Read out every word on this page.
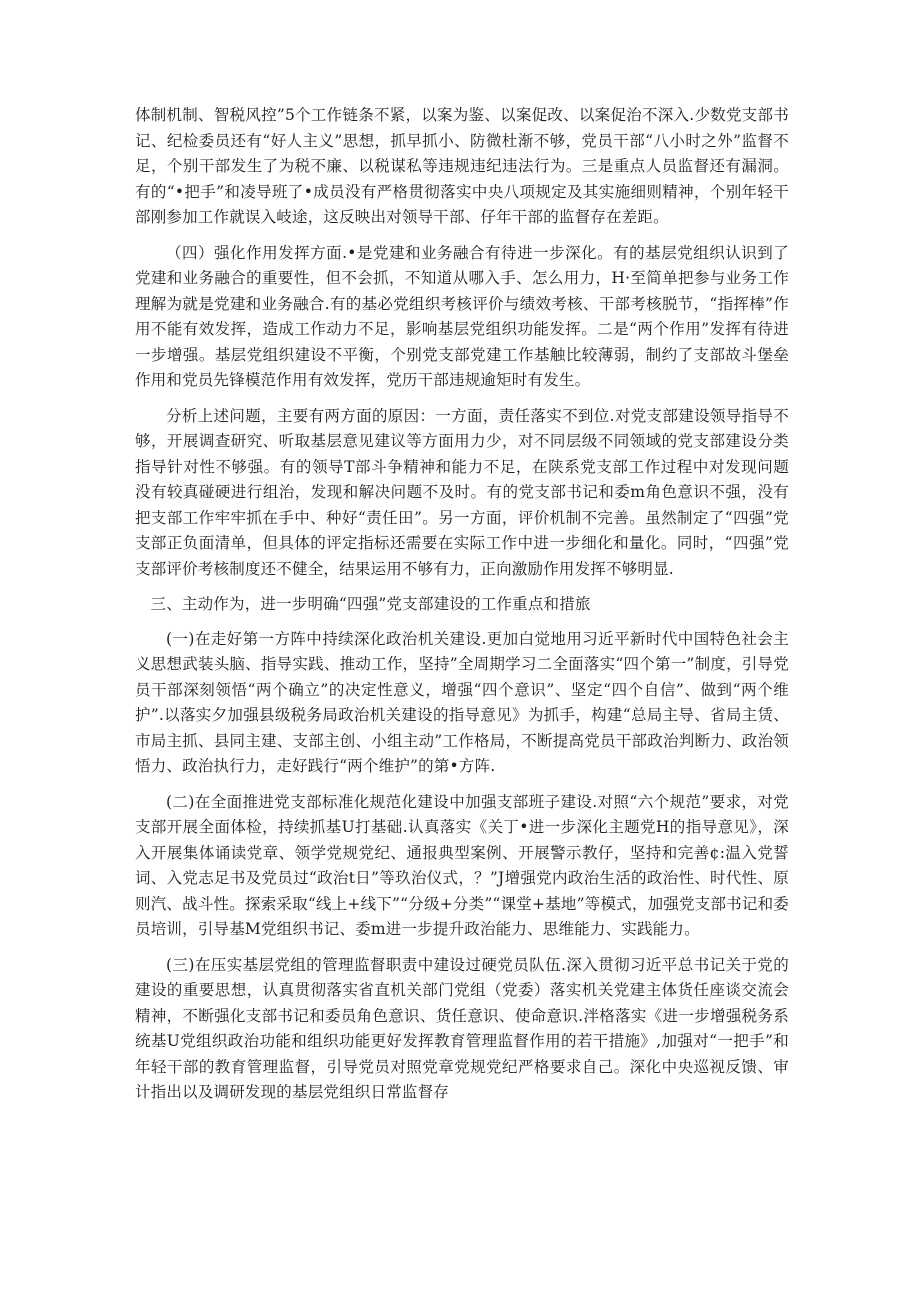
体制机制、智税风控”5个工作链条不紧，以案为鉴、以案促改、以案促治不深入.少数党支部书记、纪检委员还有“好人主义”思想，抓早抓小、防微杜渐不够，党员干部“八小时之外”监督不足，个别干部发生了为税不廉、以税谋私等违规违纪违法行为。三是重点人员监督还有漏洞。有的“•把手”和凌导班了•成员没有严格贯彻落实中央八项规定及其实施细则精神，个别年轻干部刚参加工作就误入岐途，这反映出对领导干部、仔年干部的监督存在差距。

（四）强化作用发挥方面.•是党建和业务融合有待进一步深化。有的基层党组织认识到了党建和业务融合的重要性，但不会抓，不知道从哪入手、怎么用力，H·至简单把参与业务工作理解为就是党建和业务融合.有的基必党组织考核评价与绩效考核、干部考核脱节，“指挥棒”作用不能有效发挥，造成工作动力不足，影响基层党组织功能发挥。二是“两个作用”发挥有待进一步增强。基层党组织建设不平衡，个别党支部党建工作基触比较薄弱，制约了支部故斗堡垒作用和党员先锋模范作用有效发挥，党历干部违规逾矩时有发生。

分析上述问题，主要有两方面的原因：一方面，责任落实不到位.对党支部建设领导指导不够，开展调查研究、听取基层意见建议等方面用力少，对不同层级不同领域的党支部建设分类指导针对性不够强。有的领导T部斗争精神和能力不足，在陕系党支部工作过程中对发现问题没有较真碰硬进行组治，发现和解决问题不及时。有的党支部书记和委m角色意识不强，没有把支部工作牢牢抓在手中、种好“责任田”。另一方面，评价机制不完善。虽然制定了“四强”党支部正负面清单，但具体的评定指标还需要在实际工作中进一步细化和量化。同时，“四强”党支部评价考核制度还不健全，结果运用不够有力，正向激励作用发挥不够明显.

三、主动作为，进一步明确“四强”党支部建设的工作重点和措旅

(一)在走好第一方阵中持续深化政治机关建设.更加白觉地用习近平新时代中国特色社会主义思想武装头脑、指导实践、推动工作，坚持”全周期学习二全面落实“四个第一”制度，引导党员干部深刻领悟“两个确立”的决定性意义，增强“四个意识”、坚定“四个自信”、做到“两个维护”.以落实夕加强县级税务局政治机关建设的指导意见》为抓手，构建“总局主导、省局主赁、市局主抓、县同主建、支部主创、小组主动”工作格局，不断提高党员干部政治判断力、政治领悟力、政治执行力，走好践行“两个维护”的第•方阵.

(二)在全面推进党支部标准化规范化建设中加强支部班子建设.对照“六个规范”要求，对党支部开展全面体检，持续抓基U打基础.认真落实《关丁•进一步深化主题党H的指导意见》，深入开展集体诵读党章、领学党规党纪、通报典型案例、开展警示教仔，坚持和完善¢:温入党誓词、入党志足书及党员过“政治t日”等玖治仪式，？”J增强党内政治生活的政治性、时代性、原则汽、战斗性。探索采取“线上+线下”“分级+分类”“课堂+基地”等模式，加强党支部书记和委员培训，引导基M党组织书记、委m进一步提升政治能力、思维能力、实践能力。

(三)在压实基层党组的管理监督职责中建设过硬党员队伍.深入贯彻习近平总书记关于党的建设的重要思想，认真贯彻落实省直机关部门党组（党委）落实机关党建主体货任座谈交流会精神，不断强化支部书记和委员角色意识、货任意识、使命意识.泮格落实《进一步增强税务系统基U党组织政治功能和组织功能更好发挥教育管理监督作用的若干措施》,加强对“一把手”和年轻干部的教育管理监督，引导党员对照党章党规党纪严格要求自己。深化中央巡视反馈、审计指出以及调研发现的基层党组织日常监督存
